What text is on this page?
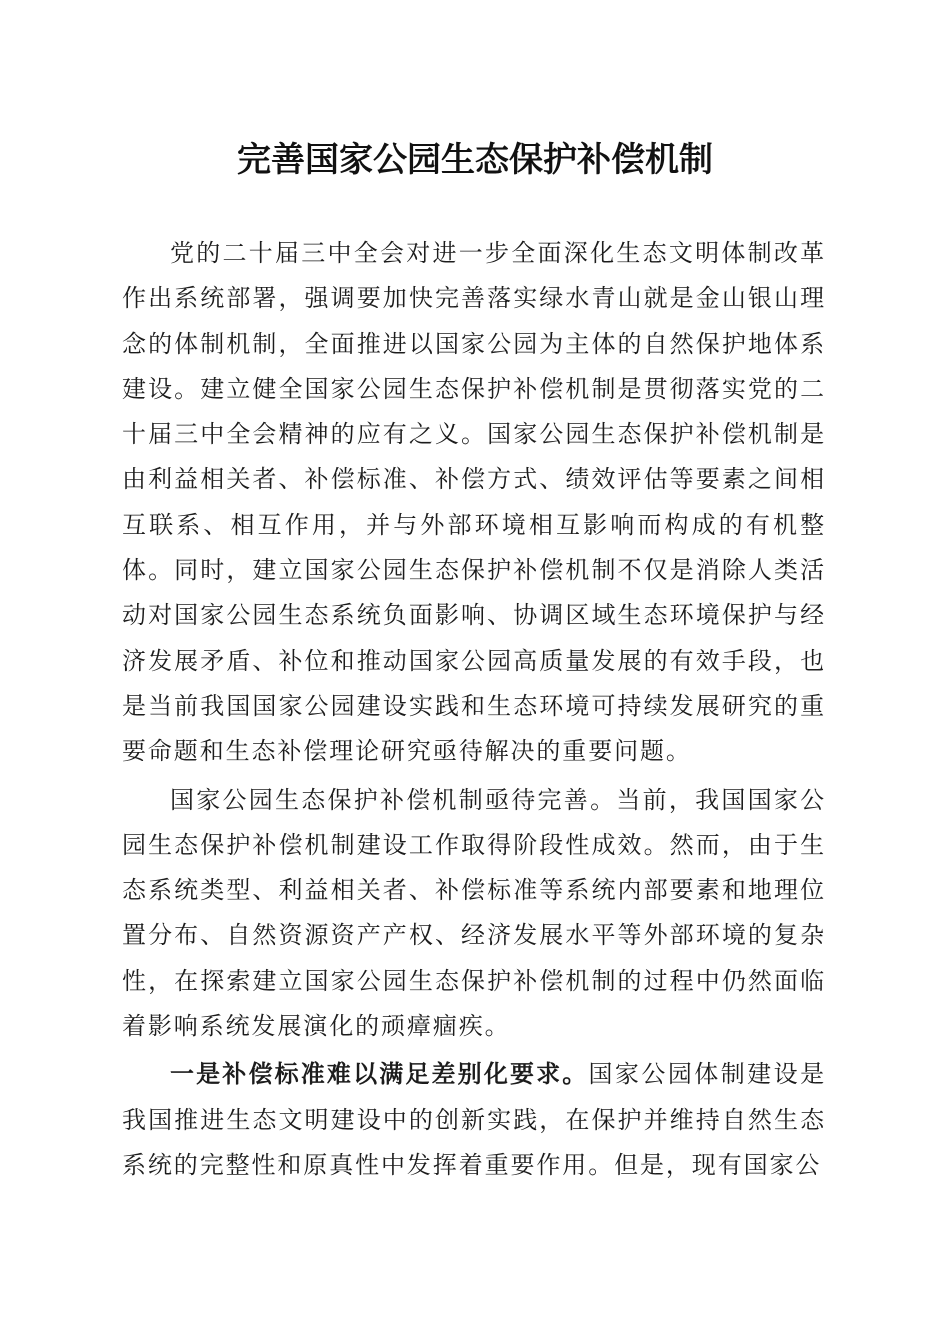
完善国家公园生态保护补偿机制

党的二十届三中全会对进一步全面深化生态文明体制改革作出系统部署，强调要加快完善落实绿水青山就是金山银山理念的体制机制，全面推进以国家公园为主体的自然保护地体系建设。建立健全国家公园生态保护补偿机制是贯彻落实党的二十届三中全会精神的应有之义。国家公园生态保护补偿机制是由利益相关者、补偿标准、补偿方式、绩效评估等要素之间相互联系、相互作用，并与外部环境相互影响而构成的有机整体。同时，建立国家公园生态保护补偿机制不仅是消除人类活动对国家公园生态系统负面影响、协调区域生态环境保护与经济发展矛盾、补位和推动国家公园高质量发展的有效手段，也是当前我国国家公园建设实践和生态环境可持续发展研究的重要命题和生态补偿理论研究亟待解决的重要问题。

国家公园生态保护补偿机制亟待完善。当前，我国国家公园生态保护补偿机制建设工作取得阶段性成效。然而，由于生态系统类型、利益相关者、补偿标准等系统内部要素和地理位置分布、自然资源资产产权、经济发展水平等外部环境的复杂性，在探索建立国家公园生态保护补偿机制的过程中仍然面临着影响系统发展演化的顽瘴痼疾。

一是补偿标准难以满足差别化要求。国家公园体制建设是我国推进生态文明建设中的创新实践，在保护并维持自然生态系统的完整性和原真性中发挥着重要作用。但是，现有国家公
